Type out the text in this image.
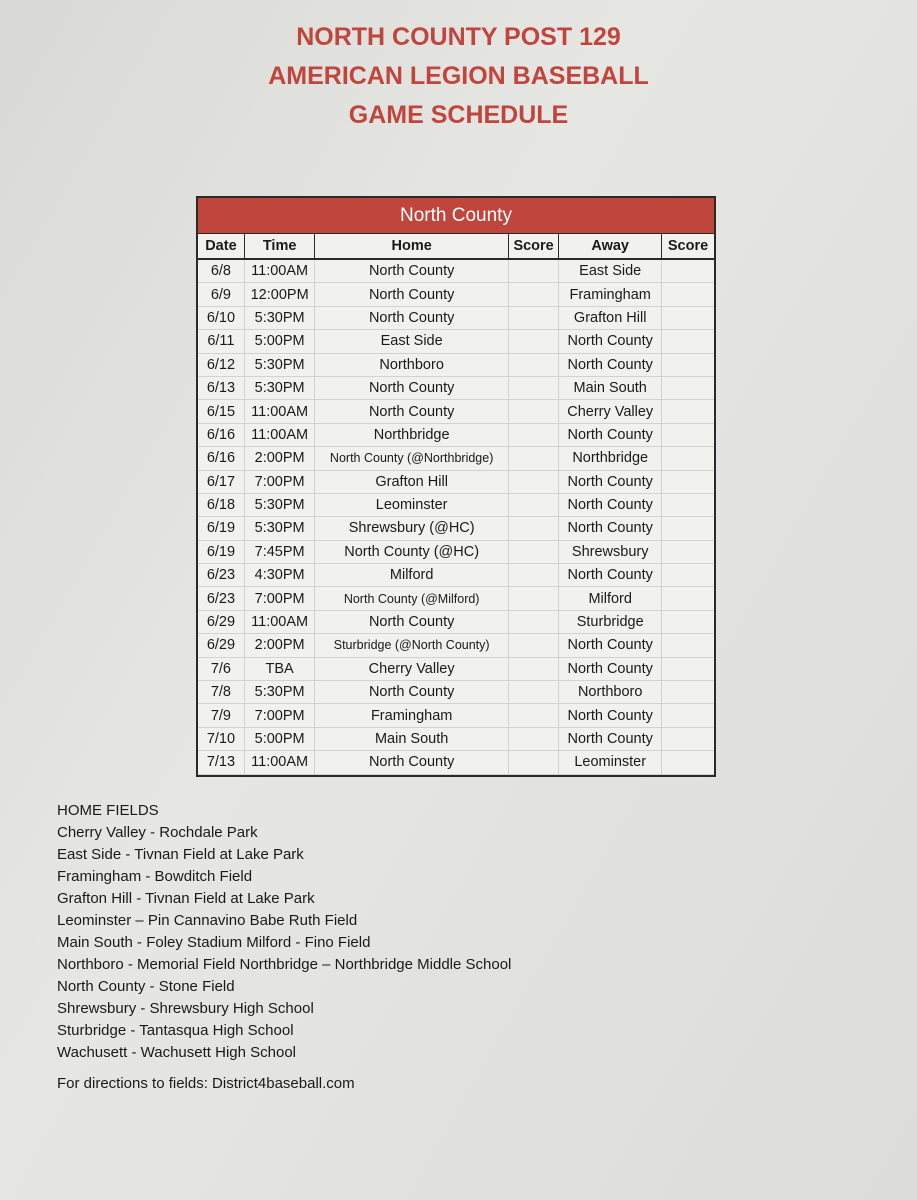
NORTH COUNTY POST 129
AMERICAN LEGION BASEBALL
GAME SCHEDULE
North County
Date	Time	Home	Score	Away	Score
6/8	11:00AM	North County		East Side	
6/9	12:00PM	North County		Framingham	
6/10	5:30PM	North County		Grafton Hill	
6/11	5:00PM	East Side		North County	
6/12	5:30PM	Northboro		North County	
6/13	5:30PM	North County		Main South	
6/15	11:00AM	North County		Cherry Valley	
6/16	11:00AM	Northbridge		North County	
6/16	2:00PM	North County (@Northbridge)		Northbridge	
6/17	7:00PM	Grafton Hill		North County	
6/18	5:30PM	Leominster		North County	
6/19	5:30PM	Shrewsbury (@HC)		North County	
6/19	7:45PM	North County (@HC)		Shrewsbury	
6/23	4:30PM	Milford		North County	
6/23	7:00PM	North County (@Milford)		Milford	
6/29	11:00AM	North County		Sturbridge	
6/29	2:00PM	Sturbridge (@North County)		North County	
7/6	TBA	Cherry Valley		North County	
7/8	5:30PM	North County		Northboro	
7/9	7:00PM	Framingham		North County	
7/10	5:00PM	Main South		North County	
7/13	11:00AM	North County		Leominster	
HOME FIELDS
Cherry Valley - Rochdale Park
East Side - Tivnan Field at Lake Park
Framingham - Bowditch Field
Grafton Hill - Tivnan Field at Lake Park
Leominster – Pin Cannavino Babe Ruth Field
Main South - Foley Stadium Milford - Fino Field
Northboro - Memorial Field Northbridge – Northbridge Middle School
North County - Stone Field
Shrewsbury - Shrewsbury High School
Sturbridge - Tantasqua High School
Wachusett - Wachusett High School
For directions to fields: District4baseball.com
